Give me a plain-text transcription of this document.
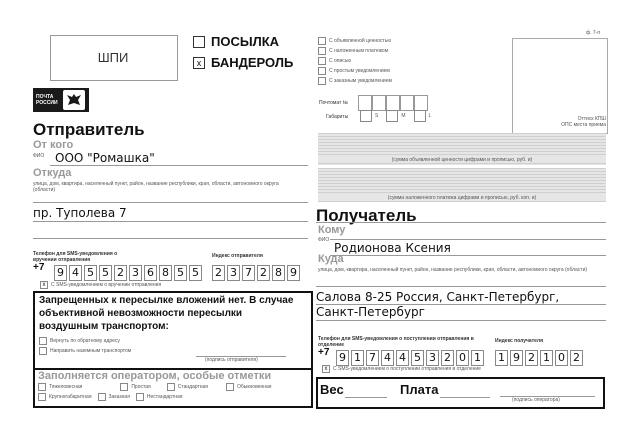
ШПИ
ПОСЫЛКА
x БАНДЕРОЛЬ
ПОЧТА
РОССИИ
Отправитель
От кого
ФИО ООО "Ромашка"
Откуда
улица, дом, квартира, населенный пункт, район, название республики, края, области, автономного округа (области)
пр. Туполева 7
Телефон для SMS-уведомления о вручении отправления
+7 9 4 5 5 2 3 6 8 5 5
Индекс отправителя
2 3 7 2 8 9
x	С SMS-уведомлением о вручении отправления
Запрещенных к пересылке вложений нет. В случае объективной невозможности пересылки воздушным транспортом:
Вернуть по обратному адресу
Направить наземным транспортом
(подпись отправителя)
Заполняется оператором, особые отметки
Тяжеловесная	Простая	Стандартная	Обыкновенная
Крупногабаритная	Заказная	Нестандартная
С объявленной ценностью
С наложенным платежом
С описью
С простым уведомлением
С заказным уведомлением
ф. 7-п
Оттиск КПШ
ОПС места приема
Почтомат №
Габариты	S	M	L
(сумма объявленной ценности цифрами и прописью, руб. и)
(сумма наложенного платежа цифрами и прописью, руб. коп. и)
Получатель
Кому
ФИО
Родионова Ксения
Куда
улица, дом, квартира, населенный пункт, район, название республики, края, области, автономного округа (области)
Салова 8-25 Россия, Санкт-Петербург,
Санкт-Петербург
Телефон для SMS-уведомления о поступлении отправления в отделение
+7 9 1 7 4 4 5 3 2 0 1
Индекс получателя
1 9 2 1 0 2
x	С SMS-уведомлением о поступлении отправления в отделение
Вес	Плата
(подпись оператора)
